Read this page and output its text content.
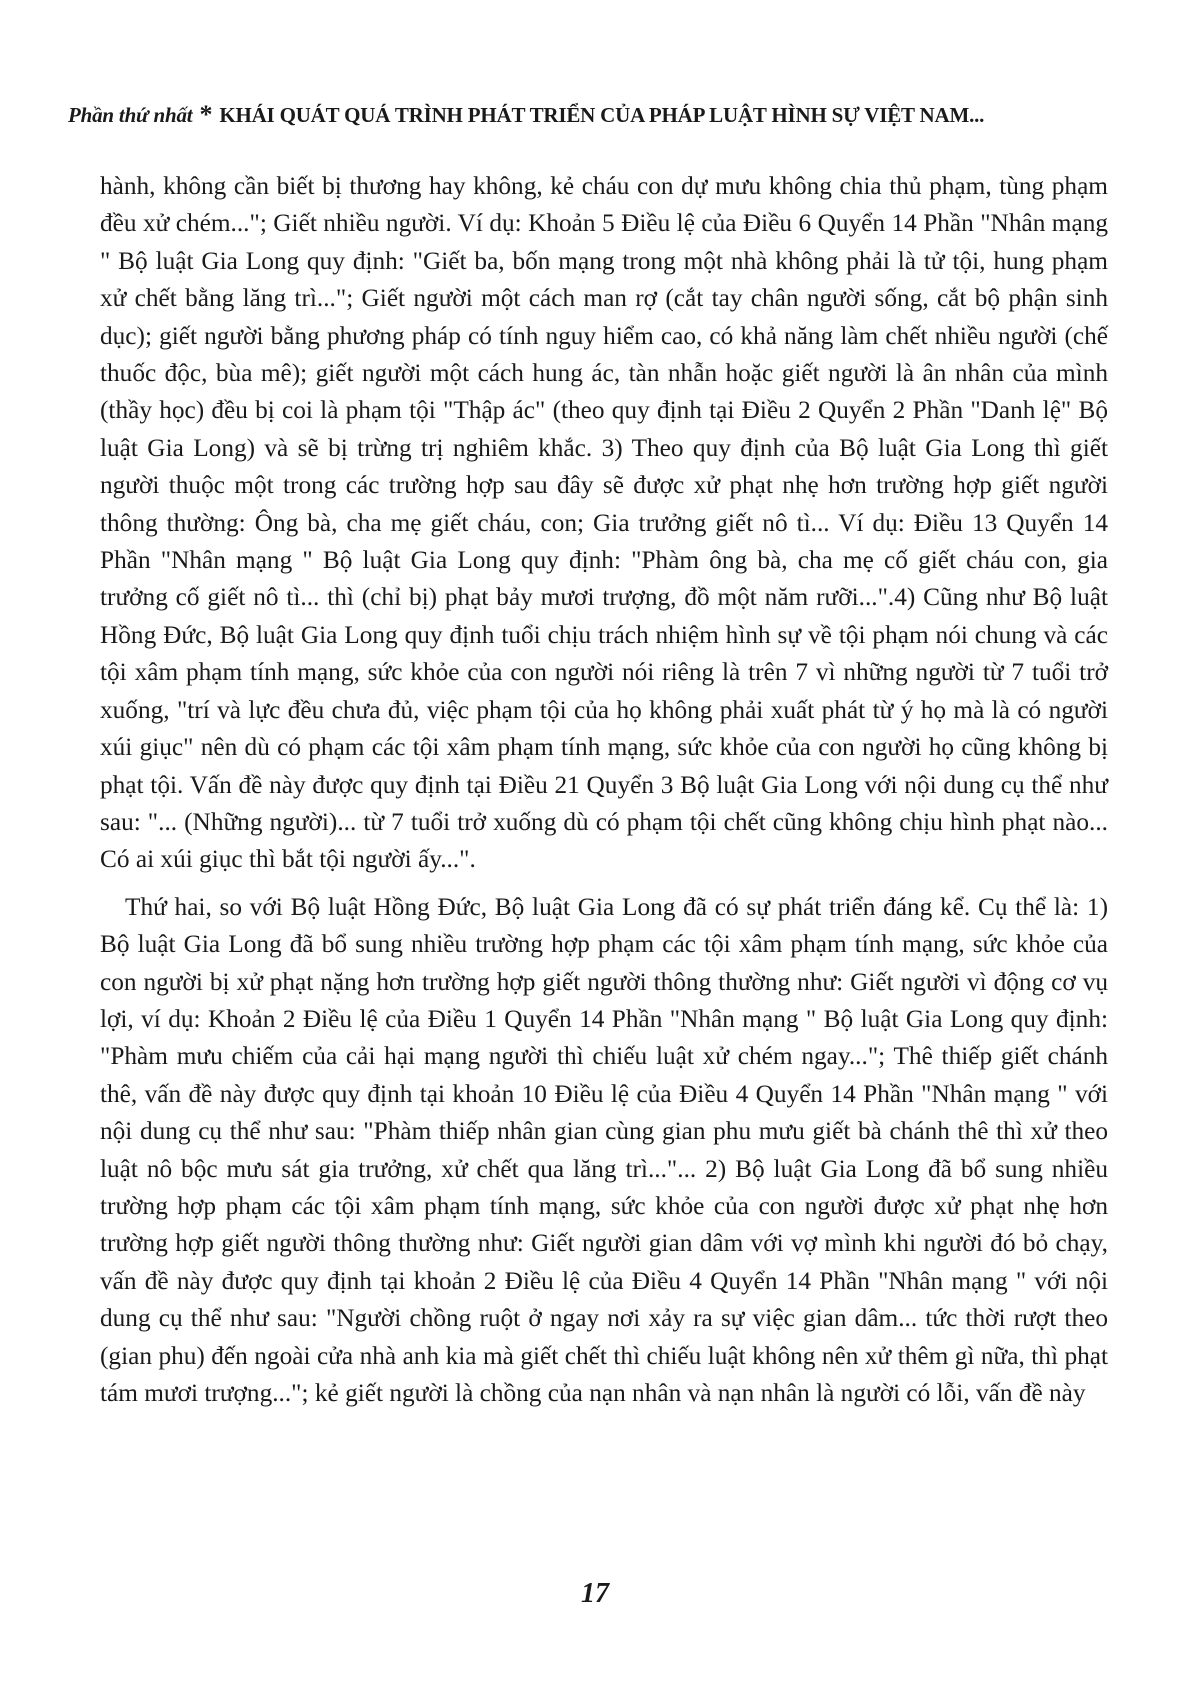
Phần thứ nhất * KHÁI QUÁT QUÁ TRÌNH PHÁT TRIỂN CỦA PHÁP LUẬT HÌNH SỰ VIỆT NAM...

hành, không cần biết bị thương hay không, kẻ cháu con dự mưu không chia thủ phạm, tùng phạm đều xử chém..."; Giết nhiều người. Ví dụ: Khoản 5 Điều lệ của Điều 6 Quyển 14 Phần "Nhân mạng " Bộ luật Gia Long quy định: "Giết ba, bốn mạng trong một nhà không phải là tử tội, hung phạm xử chết bằng lăng trì..."; Giết người một cách man rợ (cắt tay chân người sống, cắt bộ phận sinh dục); giết người bằng phương pháp có tính nguy hiểm cao, có khả năng làm chết nhiều người (chế thuốc độc, bùa mê); giết người một cách hung ác, tàn nhẫn hoặc giết người là ân nhân của mình (thầy học) đều bị coi là phạm tội "Thập ác" (theo quy định tại Điều 2 Quyển 2 Phần "Danh lệ" Bộ luật Gia Long) và sẽ bị trừng trị nghiêm khắc. 3) Theo quy định của Bộ luật Gia Long thì giết người thuộc một trong các trường hợp sau đây sẽ được xử phạt nhẹ hơn trường hợp giết người thông thường: Ông bà, cha mẹ giết cháu, con; Gia trưởng giết nô tì... Ví dụ: Điều 13 Quyển 14 Phần "Nhân mạng " Bộ luật Gia Long quy định: "Phàm ông bà, cha mẹ cố giết cháu con, gia trưởng cố giết nô tì... thì (chỉ bị) phạt bảy mươi trượng, đồ một năm rưỡi...".4) Cũng như Bộ luật Hồng Đức, Bộ luật Gia Long quy định tuổi chịu trách nhiệm hình sự về tội phạm nói chung và các tội xâm phạm tính mạng, sức khỏe của con người nói riêng là trên 7 vì những người từ 7 tuổi trở xuống, "trí và lực đều chưa đủ, việc phạm tội của họ không phải xuất phát từ ý họ mà là có người xúi giục" nên dù có phạm các tội xâm phạm tính mạng, sức khỏe của con người họ cũng không bị phạt tội. Vấn đề này được quy định tại Điều 21 Quyển 3 Bộ luật Gia Long với nội dung cụ thể như sau: "... (Những người)... từ 7 tuổi trở xuống dù có phạm tội chết cũng không chịu hình phạt nào... Có ai xúi giục thì bắt tội người ấy...".

Thứ hai, so với Bộ luật Hồng Đức, Bộ luật Gia Long đã có sự phát triển đáng kể. Cụ thể là: 1) Bộ luật Gia Long đã bổ sung nhiều trường hợp phạm các tội xâm phạm tính mạng, sức khỏe của con người bị xử phạt nặng hơn trường hợp giết người thông thường như: Giết người vì động cơ vụ lợi, ví dụ: Khoản 2 Điều lệ của Điều 1 Quyển 14 Phần "Nhân mạng " Bộ luật Gia Long quy định: "Phàm mưu chiếm của cải hại mạng người thì chiếu luật xử chém ngay..."; Thê thiếp giết chánh thê, vấn đề này được quy định tại khoản 10 Điều lệ của Điều 4 Quyển 14 Phần "Nhân mạng " với nội dung cụ thể như sau: "Phàm thiếp nhân gian cùng gian phu mưu giết bà chánh thê thì xử theo luật nô bộc mưu sát gia trưởng, xử chết qua lăng trì..."... 2) Bộ luật Gia Long đã bổ sung nhiều trường hợp phạm các tội xâm phạm tính mạng, sức khỏe của con người được xử phạt nhẹ hơn trường hợp giết người thông thường như: Giết người gian dâm với vợ mình khi người đó bỏ chạy, vấn đề này được quy định tại khoản 2 Điều lệ của Điều 4 Quyển 14 Phần "Nhân mạng " với nội dung cụ thể như sau: "Người chồng ruột ở ngay nơi xảy ra sự việc gian dâm... tức thời rượt theo (gian phu) đến ngoài cửa nhà anh kia mà giết chết thì chiếu luật không nên xử thêm gì nữa, thì phạt tám mươi trượng..."; kẻ giết người là chồng của nạn nhân và nạn nhân là người có lỗi, vấn đề này

17
